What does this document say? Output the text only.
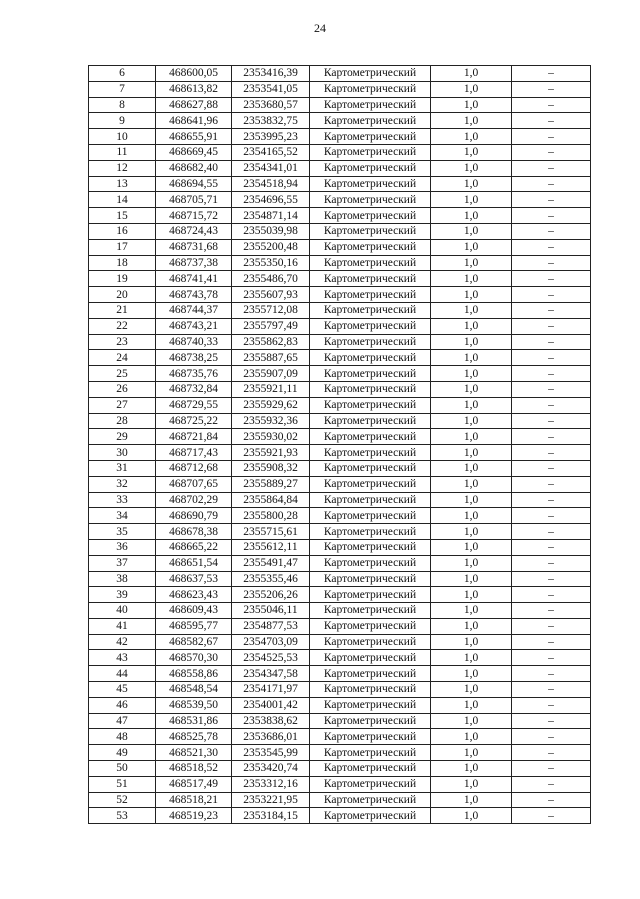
24
6	468600,05	2353416,39	Картометрический	1,0	–
7	468613,82	2353541,05	Картометрический	1,0	–
8	468627,88	2353680,57	Картометрический	1,0	–
9	468641,96	2353832,75	Картометрический	1,0	–
10	468655,91	2353995,23	Картометрический	1,0	–
11	468669,45	2354165,52	Картометрический	1,0	–
12	468682,40	2354341,01	Картометрический	1,0	–
13	468694,55	2354518,94	Картометрический	1,0	–
14	468705,71	2354696,55	Картометрический	1,0	–
15	468715,72	2354871,14	Картометрический	1,0	–
16	468724,43	2355039,98	Картометрический	1,0	–
17	468731,68	2355200,48	Картометрический	1,0	–
18	468737,38	2355350,16	Картометрический	1,0	–
19	468741,41	2355486,70	Картометрический	1,0	–
20	468743,78	2355607,93	Картометрический	1,0	–
21	468744,37	2355712,08	Картометрический	1,0	–
22	468743,21	2355797,49	Картометрический	1,0	–
23	468740,33	2355862,83	Картометрический	1,0	–
24	468738,25	2355887,65	Картометрический	1,0	–
25	468735,76	2355907,09	Картометрический	1,0	–
26	468732,84	2355921,11	Картометрический	1,0	–
27	468729,55	2355929,62	Картометрический	1,0	–
28	468725,22	2355932,36	Картометрический	1,0	–
29	468721,84	2355930,02	Картометрический	1,0	–
30	468717,43	2355921,93	Картометрический	1,0	–
31	468712,68	2355908,32	Картометрический	1,0	–
32	468707,65	2355889,27	Картометрический	1,0	–
33	468702,29	2355864,84	Картометрический	1,0	–
34	468690,79	2355800,28	Картометрический	1,0	–
35	468678,38	2355715,61	Картометрический	1,0	–
36	468665,22	2355612,11	Картометрический	1,0	–
37	468651,54	2355491,47	Картометрический	1,0	–
38	468637,53	2355355,46	Картометрический	1,0	–
39	468623,43	2355206,26	Картометрический	1,0	–
40	468609,43	2355046,11	Картометрический	1,0	–
41	468595,77	2354877,53	Картометрический	1,0	–
42	468582,67	2354703,09	Картометрический	1,0	–
43	468570,30	2354525,53	Картометрический	1,0	–
44	468558,86	2354347,58	Картометрический	1,0	–
45	468548,54	2354171,97	Картометрический	1,0	–
46	468539,50	2354001,42	Картометрический	1,0	–
47	468531,86	2353838,62	Картометрический	1,0	–
48	468525,78	2353686,01	Картометрический	1,0	–
49	468521,30	2353545,99	Картометрический	1,0	–
50	468518,52	2353420,74	Картометрический	1,0	–
51	468517,49	2353312,16	Картометрический	1,0	–
52	468518,21	2353221,95	Картометрический	1,0	–
53	468519,23	2353184,15	Картометрический	1,0	–
